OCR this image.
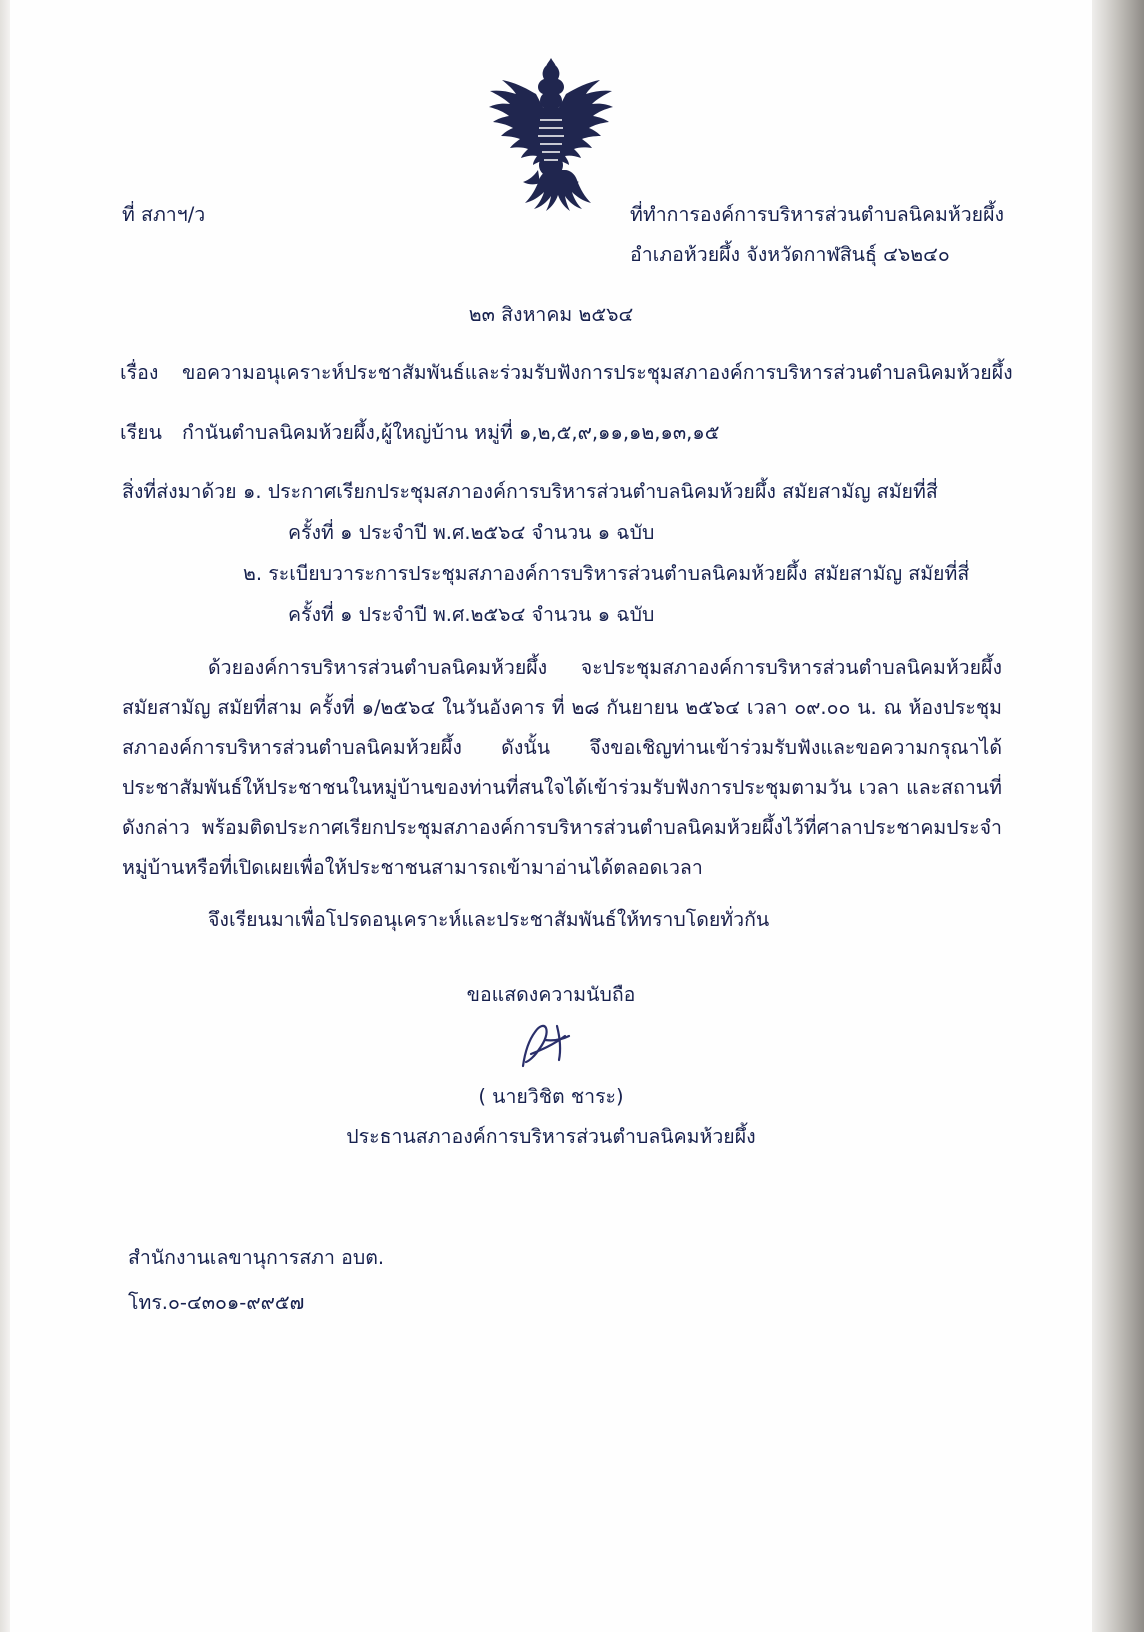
ที่ สภาฯ/ว	ที่ทำการองค์การบริหารส่วนตำบลนิคมห้วยผึ้ง
อำเภอห้วยผึ้ง จังหวัดกาฬสินธุ์ ๔๖๒๔๐
๒๓ สิงหาคม ๒๕๖๔
เรื่อง ขอความอนุเคราะห์ประชาสัมพันธ์และร่วมรับฟังการประชุมสภาองค์การบริหารส่วนตำบลนิคมห้วยผึ้ง
เรียน กำนันตำบลนิคมห้วยผึ้ง,ผู้ใหญ่บ้าน หมู่ที่ ๑,๒,๕,๙,๑๑,๑๒,๑๓,๑๕
สิ่งที่ส่งมาด้วย ๑. ประกาศเรียกประชุมสภาองค์การบริหารส่วนตำบลนิคมห้วยผึ้ง สมัยสามัญ สมัยที่สี่
ครั้งที่ ๑ ประจำปี พ.ศ.๒๕๖๔ จำนวน ๑ ฉบับ
๒. ระเบียบวาระการประชุมสภาองค์การบริหารส่วนตำบลนิคมห้วยผึ้ง สมัยสามัญ สมัยที่สี่
ครั้งที่ ๑ ประจำปี พ.ศ.๒๕๖๔ จำนวน ๑ ฉบับ

ด้วยองค์การบริหารส่วนตำบลนิคมห้วยผึ้ง จะประชุมสภาองค์การบริหารส่วนตำบลนิคมห้วยผึ้ง สมัยสามัญ สมัยที่สาม ครั้งที่ ๑/๒๕๖๔ ในวันอังคาร ที่ ๒๘ กันยายน ๒๕๖๔ เวลา ๐๙.๐๐ น. ณ ห้องประชุมสภาองค์การบริหารส่วนตำบลนิคมห้วยผึ้ง ดังนั้น จึงขอเชิญท่านเข้าร่วมรับฟังและขอความกรุณาได้ประชาสัมพันธ์ให้ประชาชนในหมู่บ้านของท่านที่สนใจได้เข้าร่วมรับฟังการประชุมตามวัน เวลา และสถานที่ดังกล่าว พร้อมติดประกาศเรียกประชุมสภาองค์การบริหารส่วนตำบลนิคมห้วยผึ้งไว้ที่ศาลาประชาคมประจำหมู่บ้านหรือที่เปิดเผยเพื่อให้ประชาชนสามารถเข้ามาอ่านได้ตลอดเวลา

จึงเรียนมาเพื่อโปรดอนุเคราะห์และประชาสัมพันธ์ให้ทราบโดยทั่วกัน
ขอแสดงความนับถือ
( นายวิชิต ชาระ)
ประธานสภาองค์การบริหารส่วนตำบลนิคมห้วยผึ้ง
สำนักงานเลขานุการสภา อบต.
โทร.๐-๔๓๐๑-๙๙๕๗
